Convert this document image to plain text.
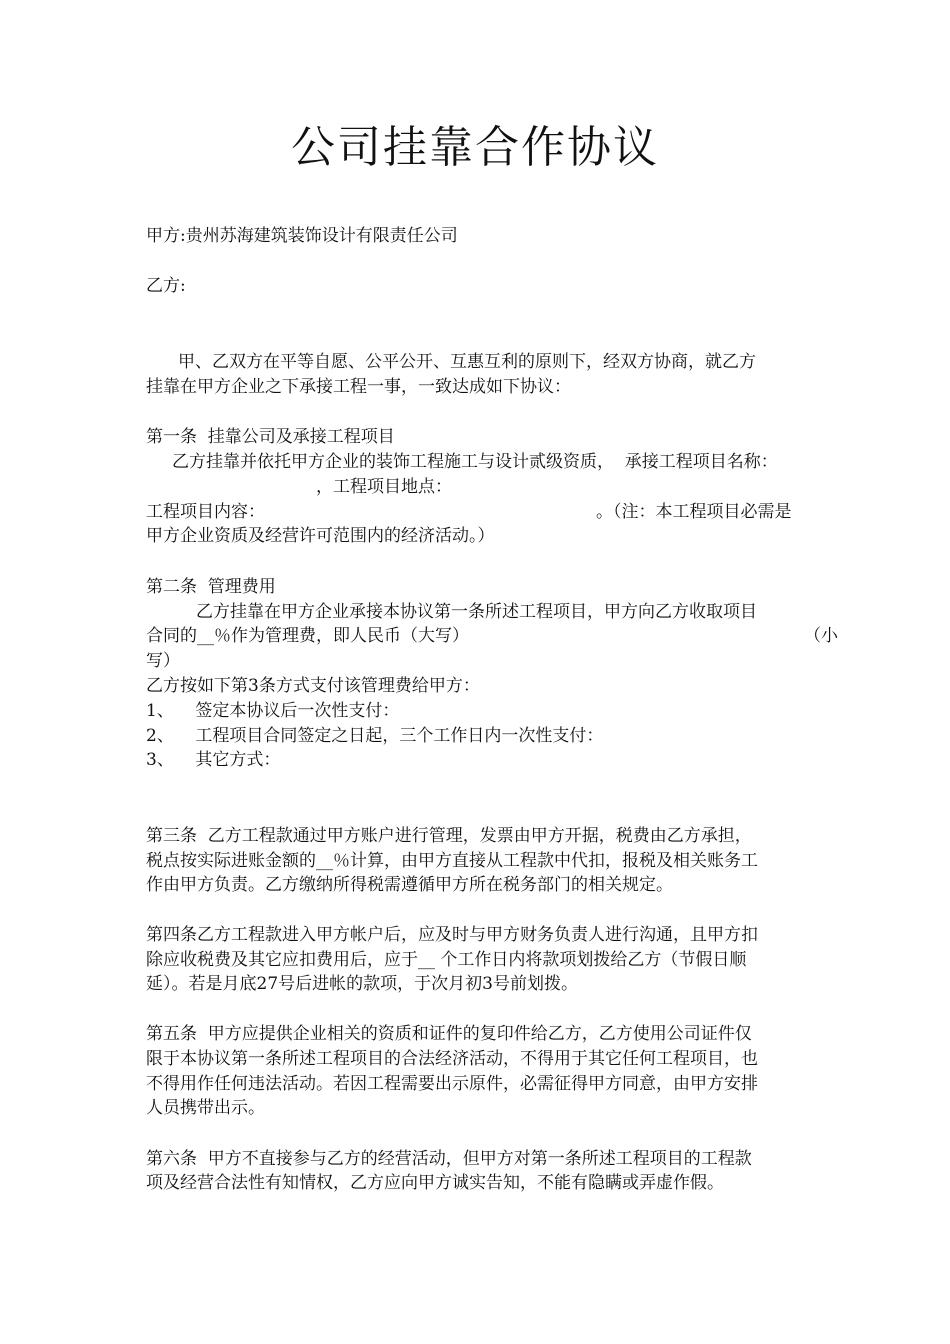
公司挂靠合作协议
甲方:贵州苏海建筑装饰设计有限责任公司
乙方:
甲、乙双方在平等自愿、公平公开、互惠互利的原则下，经双方协商，就乙方
挂靠在甲方企业之下承接工程一事，一致达成如下协议：
第一条  挂靠公司及承接工程项目
乙方挂靠并依托甲方企业的装饰工程施工与设计贰级资质，  承接工程项目名称：
，工程项目地点：
工程项目内容：	。（注：本工程项目必需是
甲方企业资质及经营许可范围内的经济活动。）
第二条  管理费用
乙方挂靠在甲方企业承接本协议第一条所述工程项目，甲方向乙方收取项目
合同的__％作为管理费，即人民币（大写）	（小
写）
乙方按如下第3条方式支付该管理费给甲方：
1、    签定本协议后一次性支付：
2、    工程项目合同签定之日起，三个工作日内一次性支付：
3、    其它方式：
第三条  乙方工程款通过甲方账户进行管理，发票由甲方开据，税费由乙方承担，
税点按实际进账金额的__％计算，由甲方直接从工程款中代扣，报税及相关账务工
作由甲方负责。乙方缴纳所得税需遵循甲方所在税务部门的相关规定。
第四条乙方工程款进入甲方帐户后，应及时与甲方财务负责人进行沟通，且甲方扣
除应收税费及其它应扣费用后，应于__ 个工作日内将款项划拨给乙方（节假日顺
延）。若是月底27号后进帐的款项，于次月初3号前划拨。
第五条  甲方应提供企业相关的资质和证件的复印件给乙方，乙方使用公司证件仅
限于本协议第一条所述工程项目的合法经济活动，不得用于其它任何工程项目，也
不得用作任何违法活动。若因工程需要出示原件，必需征得甲方同意，由甲方安排
人员携带出示。
第六条  甲方不直接参与乙方的经营活动，但甲方对第一条所述工程项目的工程款
项及经营合法性有知情权，乙方应向甲方诚实告知，不能有隐瞒或弄虚作假。
